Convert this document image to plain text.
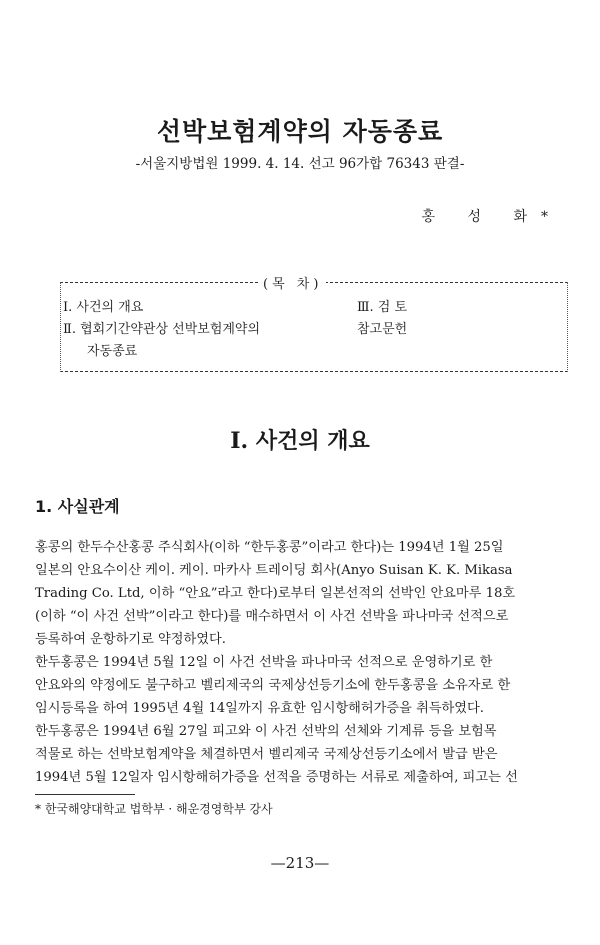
선박보험계약의 자동종료
-서울지방법원 1999. 4. 14. 선고 96가합 76343 판결-
홍 성 화*
(목 차)
Ⅰ. 사건의 개요
Ⅱ. 협회기간약관상 선박보험계약의
자동종료
Ⅲ. 검 토
참고문헌
Ⅰ. 사건의 개요
1. 사실관계

홍콩의 한두수산홍콩 주식회사(이하 “한두홍콩”이라고 한다)는 1994년 1월 25일
일본의 안요수이산 케이. 케이. 마카사 트레이딩 회사(Anyo Suisan K. K. Mikasa
Trading Co. Ltd, 이하 “안요”라고 한다)로부터 일본선적의 선박인 안요마루 18호
(이하 “이 사건 선박”이라고 한다)를 매수하면서 이 사건 선박을 파나마국 선적으로
등록하여 운항하기로 약정하였다.

한두홍콩은 1994년 5월 12일 이 사건 선박을 파나마국 선적으로 운영하기로 한
안요와의 약정에도 불구하고 벨리제국의 국제상선등기소에 한두홍콩을 소유자로 한
임시등록을 하여 1995년 4월 14일까지 유효한 임시항해허가증을 취득하였다.

한두홍콩은 1994년 6월 27일 피고와 이 사건 선박의 선체와 기계류 등을 보험목
적물로 하는 선박보험계약을 체결하면서 벨리제국 국제상선등기소에서 발급 받은
1994년 5월 12일자 임시항해허가증을 선적을 증명하는 서류로 제출하여, 피고는 선

* 한국해양대학교 법학부 · 해운경영학부 강사
—213—
